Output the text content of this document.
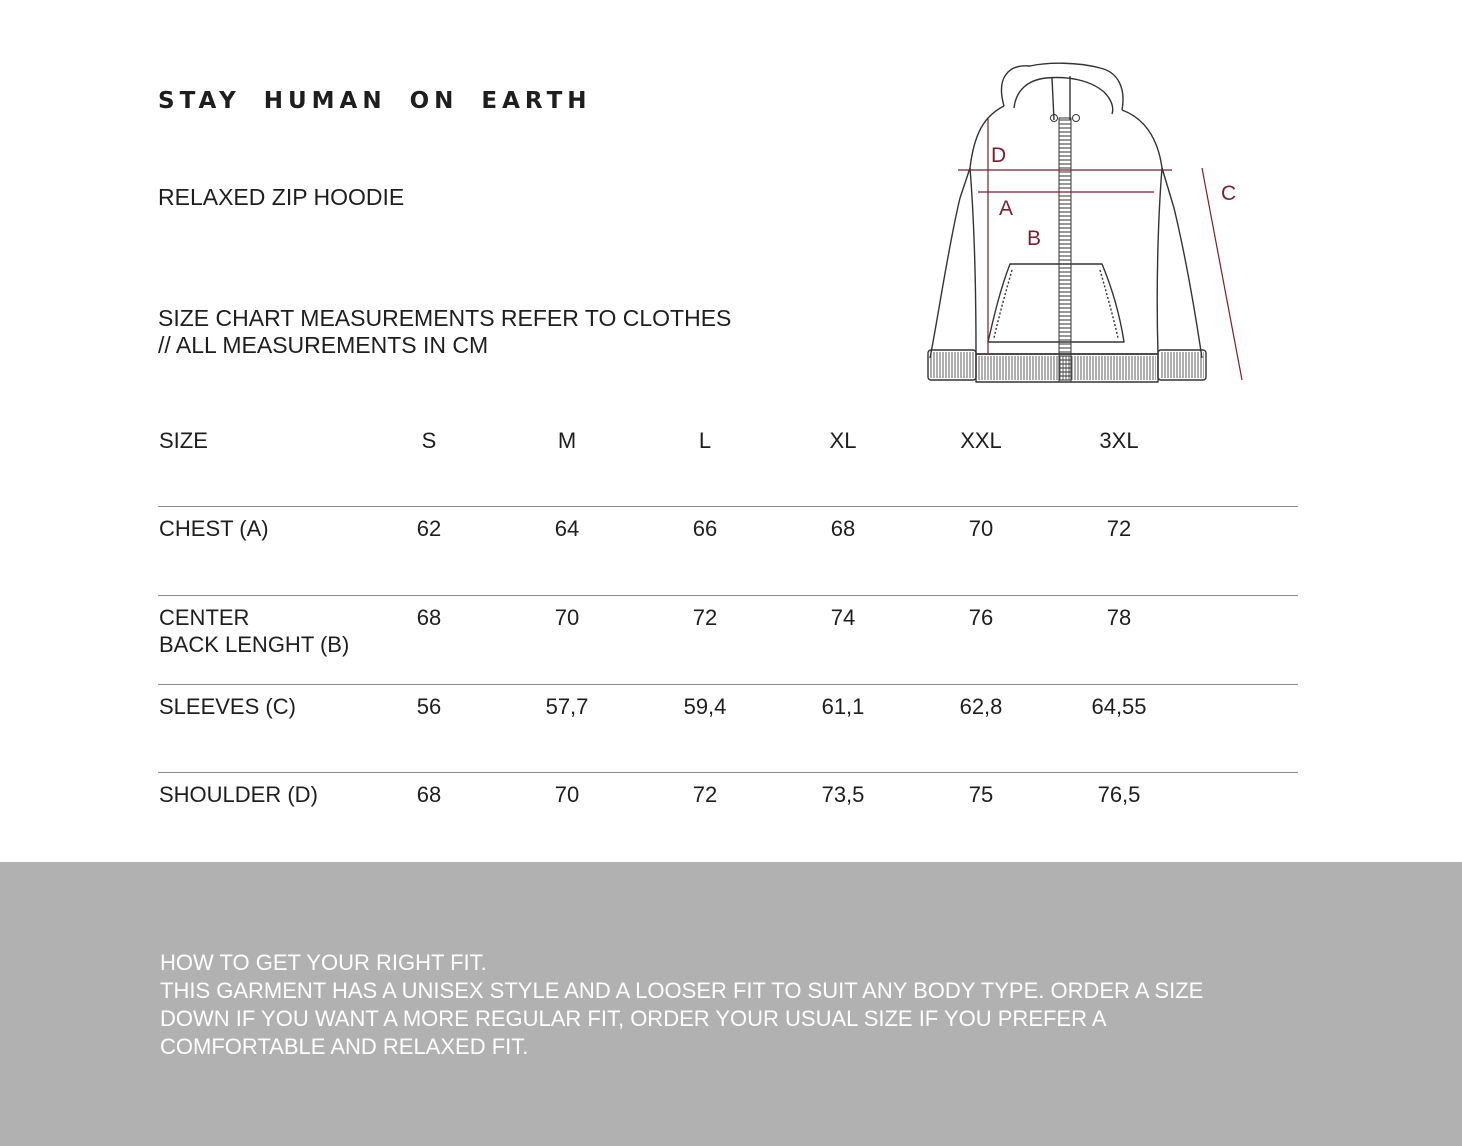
STAY HUMAN ON EARTH
RELAXED ZIP HOODIE
SIZE CHART MEASUREMENTS REFER TO CLOTHES
// ALL MEASUREMENTS IN CM
D
A
B
C
SIZE	S	M	L	XL	XXL	3XL
CHEST (A)	62	64	66	68	70	72
CENTER
BACK LENGHT (B)
68	70	72	74	76	78
SLEEVES (C)	56	57,7	59,4	61,1	62,8	64,55
SHOULDER (D)	68	70	72	73,5	75	76,5
HOW TO GET YOUR RIGHT FIT.
THIS GARMENT HAS A UNISEX STYLE AND A LOOSER FIT TO SUIT ANY BODY TYPE. ORDER A SIZE
DOWN IF YOU WANT A MORE REGULAR FIT, ORDER YOUR USUAL SIZE IF YOU PREFER A
COMFORTABLE AND RELAXED FIT.
